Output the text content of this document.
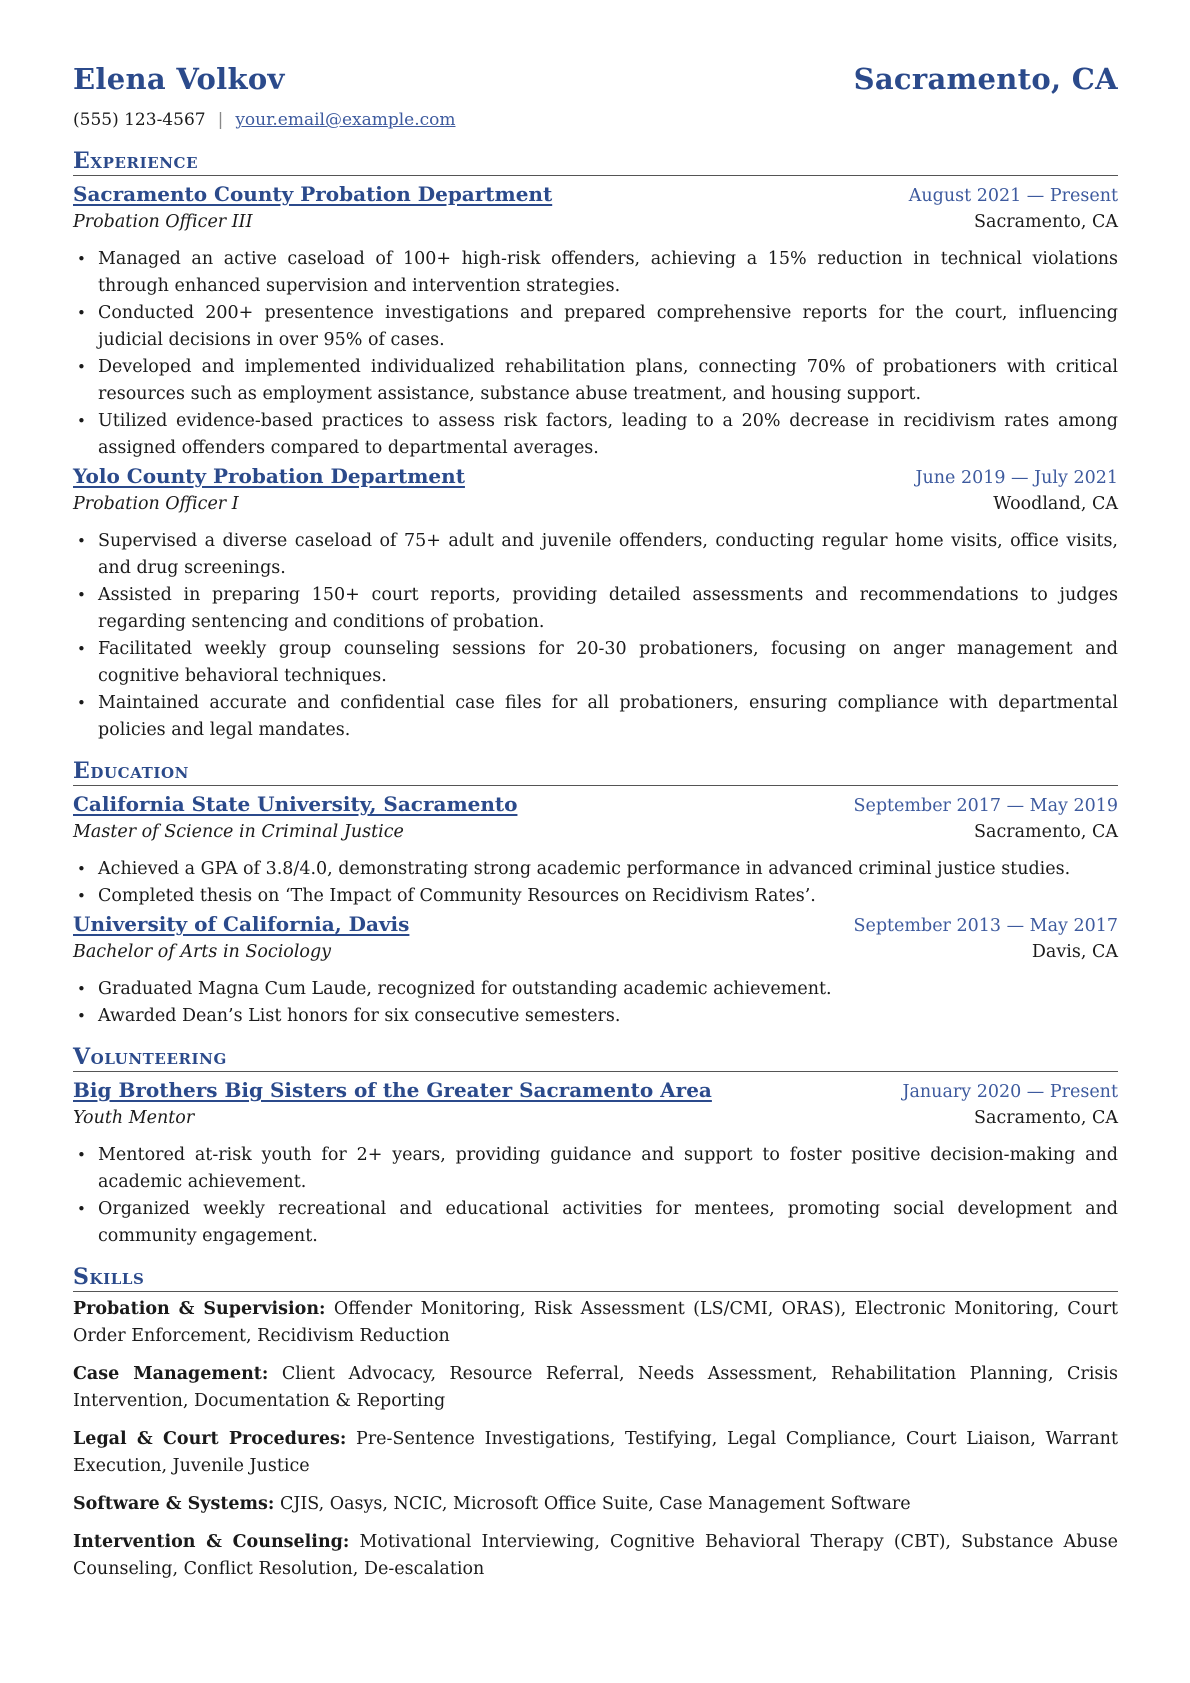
Elena Volkov	Sacramento, CA
(555) 123-4567 | your.email@example.com
Experience
Sacramento County Probation Department	August 2021 — Present
Probation Officer III	Sacramento, CA
• Managed an active caseload of 100+ high-risk offenders, achieving a 15% reduction in technical violations through enhanced supervision and intervention strategies.
• Conducted 200+ presentence investigations and prepared comprehensive reports for the court, influencing judicial decisions in over 95% of cases.
• Developed and implemented individualized rehabilitation plans, connecting 70% of probationers with critical resources such as employment assistance, substance abuse treatment, and housing support.
• Utilized evidence-based practices to assess risk factors, leading to a 20% decrease in recidivism rates among assigned offenders compared to departmental averages.
Yolo County Probation Department	June 2019 — July 2021
Probation Officer I	Woodland, CA
• Supervised a diverse caseload of 75+ adult and juvenile offenders, conducting regular home visits, office visits, and drug screenings.
• Assisted in preparing 150+ court reports, providing detailed assessments and recommendations to judges regarding sentencing and conditions of probation.
• Facilitated weekly group counseling sessions for 20-30 probationers, focusing on anger management and cognitive behavioral techniques.
• Maintained accurate and confidential case files for all probationers, ensuring compliance with departmental policies and legal mandates.
Education
California State University, Sacramento	September 2017 — May 2019
Master of Science in Criminal Justice	Sacramento, CA
• Achieved a GPA of 3.8/4.0, demonstrating strong academic performance in advanced criminal justice studies.
• Completed thesis on ‘The Impact of Community Resources on Recidivism Rates’.
University of California, Davis	September 2013 — May 2017
Bachelor of Arts in Sociology	Davis, CA
• Graduated Magna Cum Laude, recognized for outstanding academic achievement.
• Awarded Dean’s List honors for six consecutive semesters.
Volunteering
Big Brothers Big Sisters of the Greater Sacramento Area	January 2020 — Present
Youth Mentor	Sacramento, CA
• Mentored at-risk youth for 2+ years, providing guidance and support to foster positive decision-making and academic achievement.
• Organized weekly recreational and educational activities for mentees, promoting social development and community engagement.
Skills
Probation & Supervision: Offender Monitoring, Risk Assessment (LS/CMI, ORAS), Electronic Monitoring, Court Order Enforcement, Recidivism Reduction
Case Management: Client Advocacy, Resource Referral, Needs Assessment, Rehabilitation Planning, Crisis Intervention, Documentation & Reporting
Legal & Court Procedures: Pre-Sentence Investigations, Testifying, Legal Compliance, Court Liaison, Warrant Execution, Juvenile Justice
Software & Systems: CJIS, Oasys, NCIC, Microsoft Office Suite, Case Management Software
Intervention & Counseling: Motivational Interviewing, Cognitive Behavioral Therapy (CBT), Substance Abuse Counseling, Conflict Resolution, De-escalation
